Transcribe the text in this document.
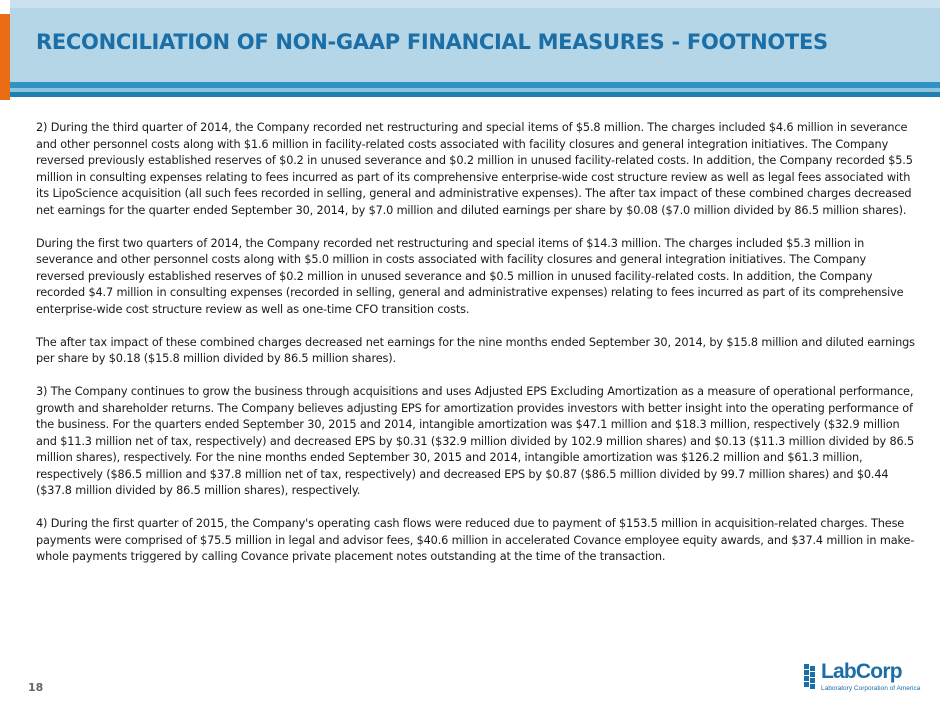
RECONCILIATION OF NON-GAAP FINANCIAL MEASURES - FOOTNOTES

2) During the third quarter of 2014, the Company recorded net restructuring and special items of $5.8 million. The charges included $4.6 million in severance and other personnel costs along with $1.6 million in facility-related costs associated with facility closures and general integration initiatives. The Company reversed previously established reserves of $0.2 in unused severance and $0.2 million in unused facility-related costs. In addition, the Company recorded $5.5 million in consulting expenses relating to fees incurred as part of its comprehensive enterprise-wide cost structure review as well as legal fees associated with its LipoScience acquisition (all such fees recorded in selling, general and administrative expenses). The after tax impact of these combined charges decreased net earnings for the quarter ended September 30, 2014, by $7.0 million and diluted earnings per share by $0.08 ($7.0 million divided by 86.5 million shares).

During the first two quarters of 2014, the Company recorded net restructuring and special items of $14.3 million. The charges included $5.3 million in severance and other personnel costs along with $5.0 million in costs associated with facility closures and general integration initiatives. The Company reversed previously established reserves of $0.2 million in unused severance and $0.5 million in unused facility-related costs. In addition, the Company recorded $4.7 million in consulting expenses (recorded in selling, general and administrative expenses) relating to fees incurred as part of its comprehensive enterprise-wide cost structure review as well as one-time CFO transition costs.

The after tax impact of these combined charges decreased net earnings for the nine months ended September 30, 2014, by $15.8 million and diluted earnings per share by $0.18 ($15.8 million divided by 86.5 million shares).

3) The Company continues to grow the business through acquisitions and uses Adjusted EPS Excluding Amortization as a measure of operational performance, growth and shareholder returns. The Company believes adjusting EPS for amortization provides investors with better insight into the operating performance of the business. For the quarters ended September 30, 2015 and 2014, intangible amortization was $47.1 million and $18.3 million, respectively ($32.9 million and $11.3 million net of tax, respectively) and decreased EPS by $0.31 ($32.9 million divided by 102.9 million shares) and $0.13 ($11.3 million divided by 86.5 million shares), respectively. For the nine months ended September 30, 2015 and 2014, intangible amortization was $126.2 million and $61.3 million, respectively ($86.5 million and $37.8 million net of tax, respectively) and decreased EPS by $0.87 ($86.5 million divided by 99.7 million shares) and $0.44 ($37.8 million divided by 86.5 million shares), respectively.

4) During the first quarter of 2015, the Company's operating cash flows were reduced due to payment of $153.5 million in acquisition-related charges. These payments were comprised of $75.5 million in legal and advisor fees, $40.6 million in accelerated Covance employee equity awards, and $37.4 million in make-whole payments triggered by calling Covance private placement notes outstanding at the time of the transaction.

18
LabCorp
Laboratory Corporation of America
